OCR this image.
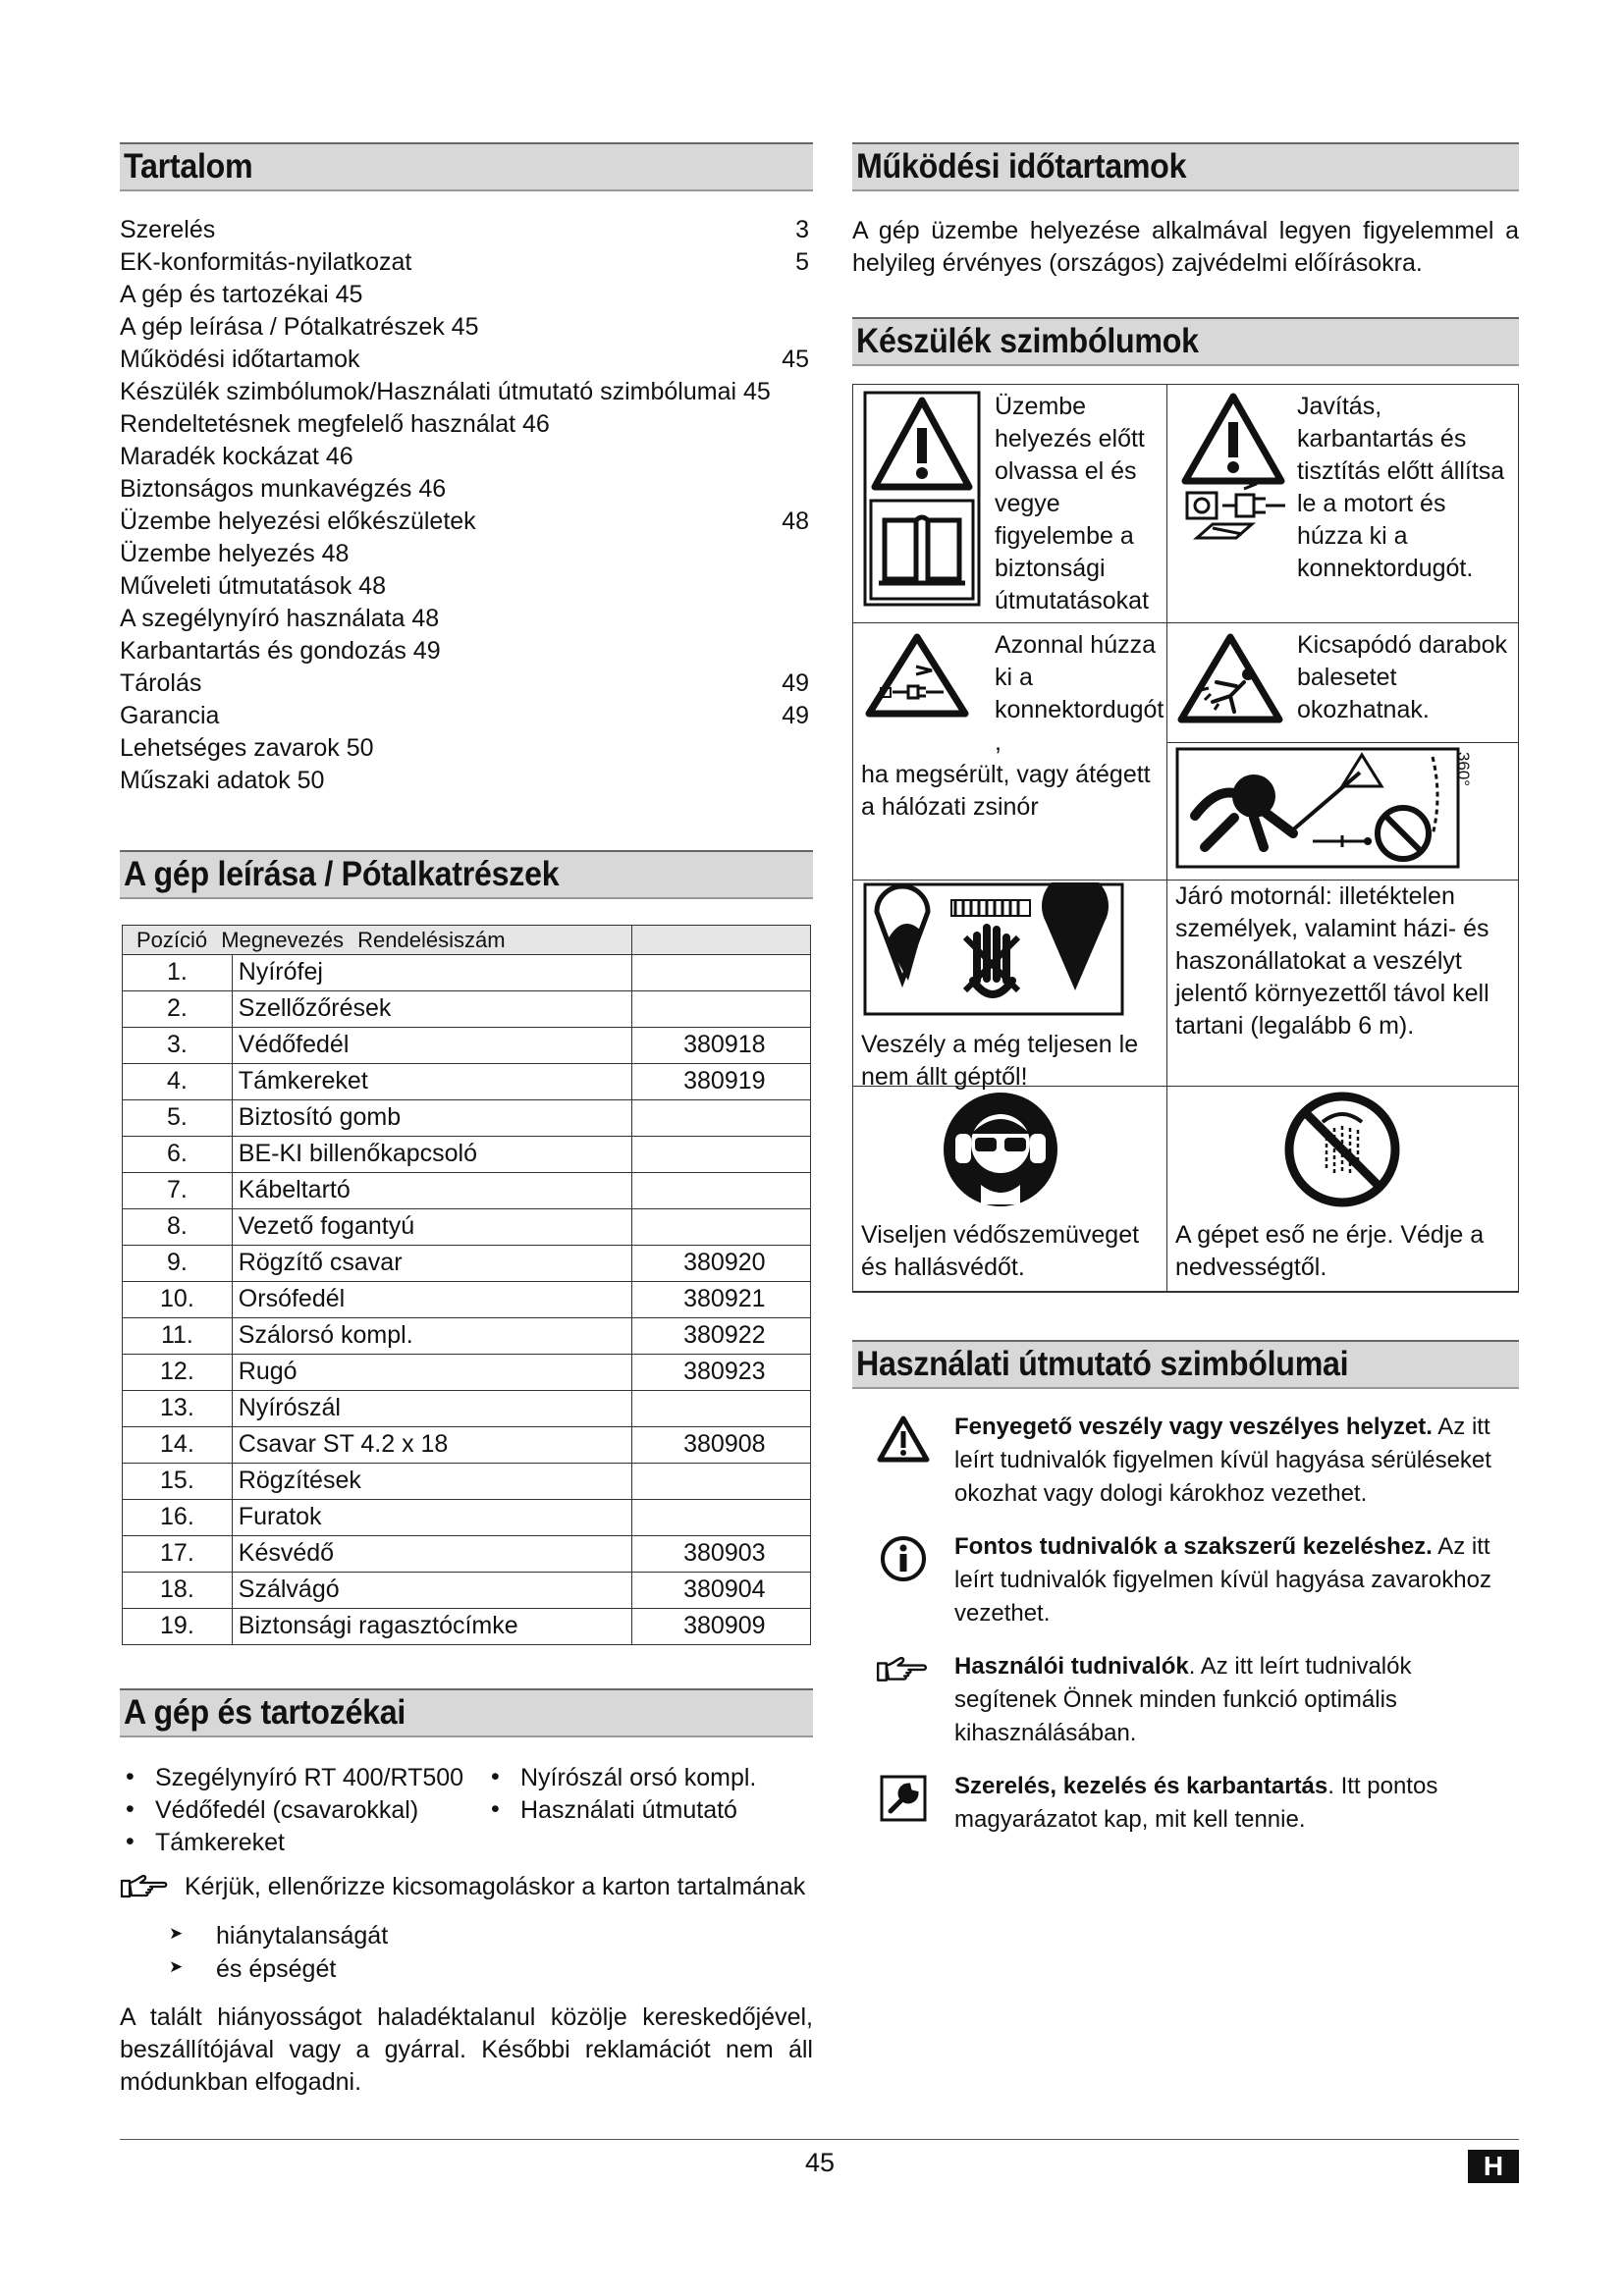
Tartalom
Szerelés	3
EK-konformitás-nyilatkozat	5
A gép és tartozékai 45
A gép leírása / Pótalkatrészek 45
Működési időtartamok	45
Készülék szimbólumok/Használati útmutató szimbólumai 45
Rendeltetésnek megfelelő használat 46
Maradék kockázat 46
Biztonságos munkavégzés 46
Üzembe helyezési előkészületek	48
Üzembe helyezés 48
Műveleti útmutatások 48
A szegélynyíró használata 48
Karbantartás és gondozás 49
Tárolás	49
Garancia	49
Lehetséges zavarok 50
Műszaki adatok 50
A gép leírása / Pótalkatrészek
Pozíció Megnevezés Rendelésiszám		
1.	Nyírófej	
2.	Szellőzőrések	
3.	Védőfedél	380918
4.	Támkereket	380919
5.	Biztosító gomb	
6.	BE-KI billenőkapcsoló	
7.	Kábeltartó	
8.	Vezető fogantyú	
9.	Rögzítő csavar	380920
10.	Orsófedél	380921
11.	Szálorsó kompl.	380922
12.	Rugó	380923
13.	Nyírószál	
14.	Csavar ST 4.2 x 18	380908
15.	Rögzítések	
16.	Furatok	
17.	Késvédő	380903
18.	Szálvágó	380904
19.	Biztonsági ragasztócímke	380909
A gép és tartozékai
• Szegélynyíró RT 400/RT500
• Védőfedél (csavarokkal)
• Támkereket
• Nyírószál orsó kompl.
• Használati útmutató
Kérjük, ellenőrizze kicsomagoláskor a karton tartalmának
➤ hiánytalanságát
➤ és épségét

A talált hiányosságot haladéktalanul közölje kereskedőjével, beszállítójával vagy a gyárral. Későbbi reklamációt nem áll módunkban elfogadni.

Működési időtartamok

A gép üzembe helyezése alkalmával legyen figyelemmel a helyileg érvényes (országos) zajvédelmi előírásokra.

Készülék szimbólumok
Üzembe
helyezés előtt
olvassa el és
vegye
figyelembe a
biztonsági
útmutatásokat
Javítás,
karbantartás és
tisztítás előtt állítsa
le a motort és
húzza ki a
konnektordugót.
Azonnal húzza
ki a
konnektordugót
,
ha megsérült, vagy átégett
a hálózati zsinór
Kicsapódó darabok
balesetet
okozhatnak.
360°
Veszély a még teljesen le
nem állt géptől!
Járó motornál: illetéktelen
személyek, valamint házi- és
haszonállatokat a veszélyt
jelentő környezettől távol kell
tartani (legalább 6 m).
Viseljen védőszemüveget
és hallásvédőt.
A gépet eső ne érje. Védje a
nedvességtől.
Használati útmutató szimbólumai
Fenyegető veszély vagy veszélyes helyzet. Az itt leírt tudnivalók figyelmen kívül hagyása sérüléseket okozhat vagy dologi károkhoz vezethet.
Fontos tudnivalók a szakszerű kezeléshez. Az itt leírt tudnivalók figyelmen kívül hagyása zavarokhoz vezethet.
Használói tudnivalók. Az itt leírt tudnivalók segítenek Önnek minden funkció optimális kihasználásában.
Szerelés, kezelés és karbantartás. Itt pontos magyarázatot kap, mit kell tennie.
45	H
